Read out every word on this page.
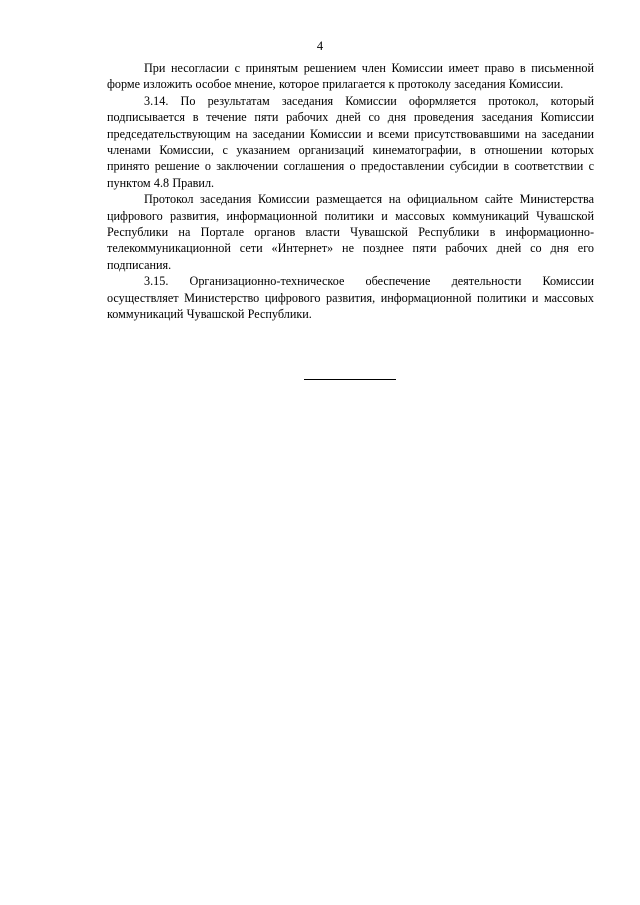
4

При несогласии с принятым решением член Комиссии имеет право в письменной форме изложить особое мнение, которое прилагается к протоколу заседания Комиссии.

3.14. По результатам заседания Комиссии оформляется протокол, который подписывается в течение пяти рабочих дней со дня проведения заседания Коmиссии председательствующим на заседании Комиссии и всеми присутствовавшими на заседании членами Комиссии, с указанием организаций кинематографии, в отношении которых принято решение о заключении соглашения о предоставлении субсидии в соответствии с пунктом 4.8 Правил.

Протокол заседания Комиссии размещается на официальном сайте Министерства цифрового развития, информационной политики и массовых коммуникаций Чувашской Республики на Портале органов власти Чувашской Республики в информационно-телекоммуникационной сети «Интернет» не позднее пяти рабочих дней со дня его подписания.

3.15. Организационно-техническое обеспечение деятельности Комиссии осуществляет Министерство цифрового развития, информационной политики и массовых коммуникаций Чувашской Республики.
